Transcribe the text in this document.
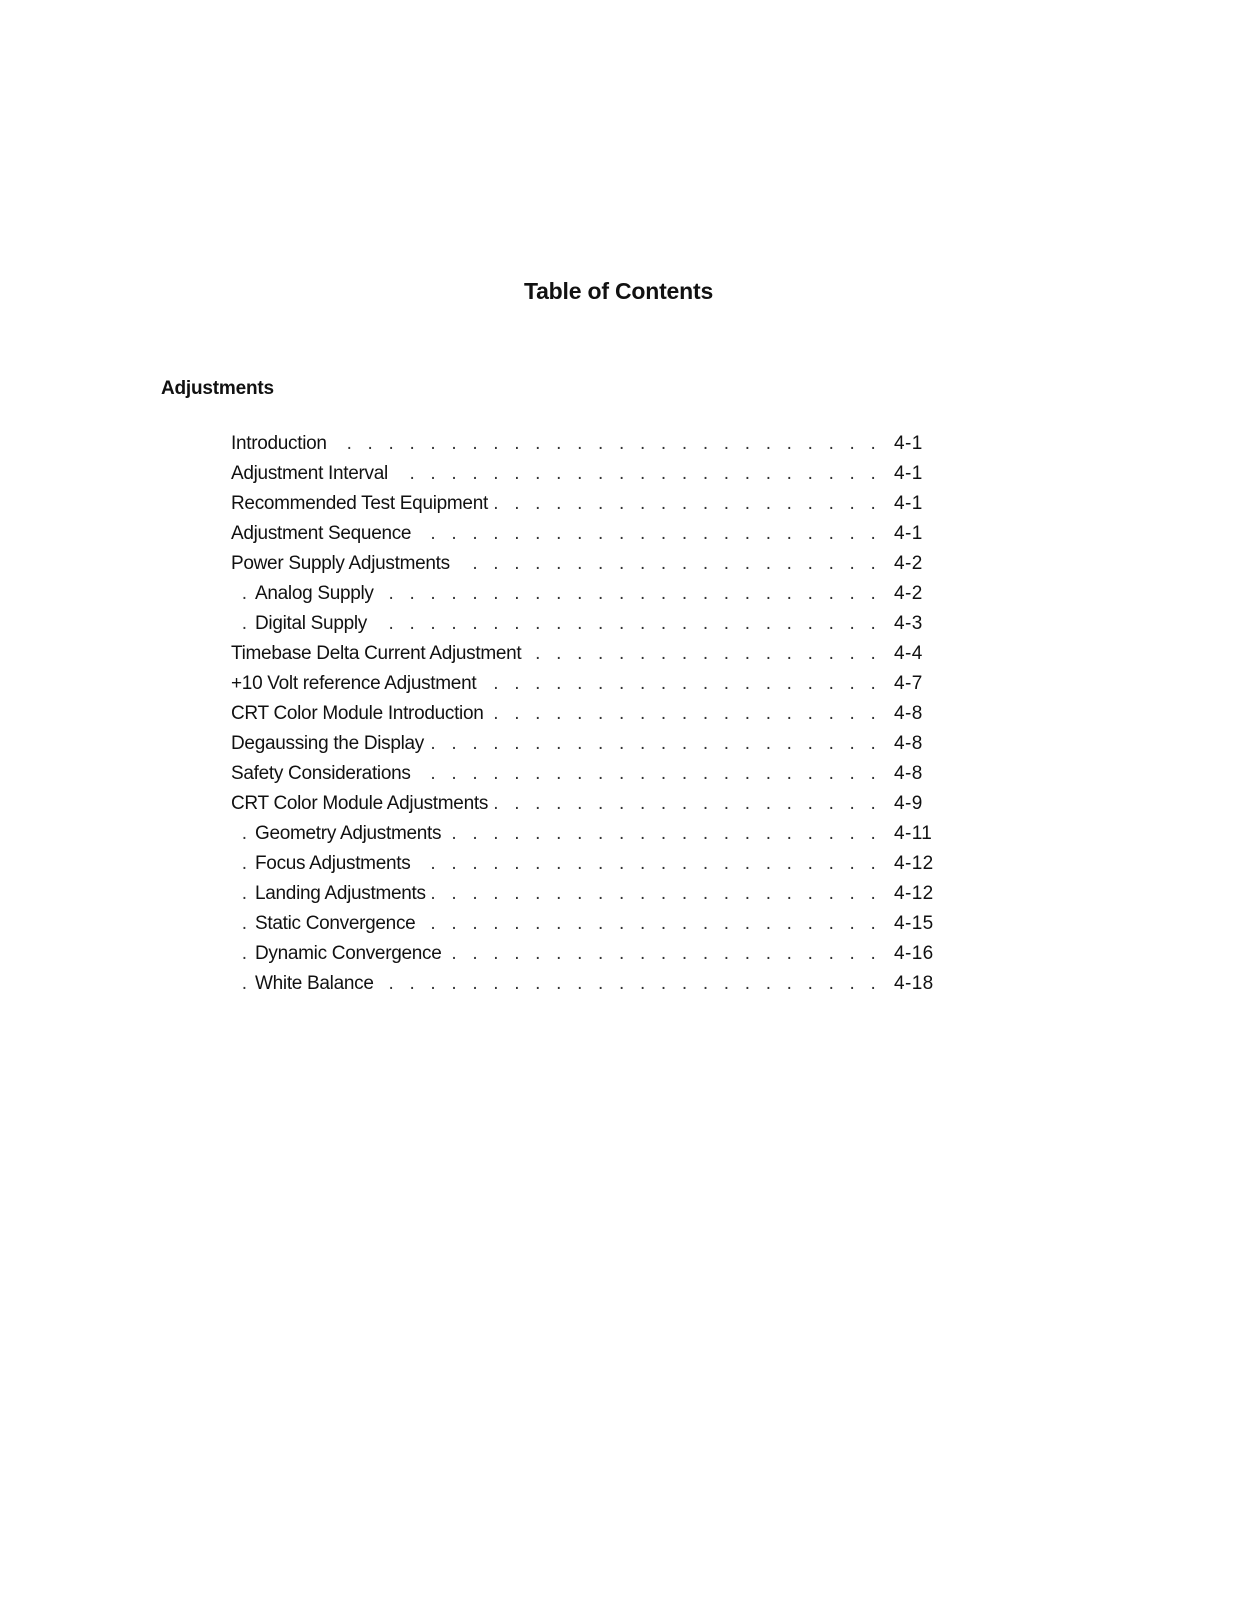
Table of Contents
Adjustments
. . .
Introduction	4-1
. . .
Adjustment Interval	4-1
. . .
Recommended Test Equipment	4-1
. . .
Adjustment Sequence	4-1
. . .
Power Supply Adjustments	4-2
. . .
Analog Supply	4-2
. . .
Digital Supply	4-3
. . .
Timebase Delta Current Adjustment	4-4
. . .
+10 Volt reference Adjustment	4-7
. . .
CRT Color Module Introduction	4-8
. . .
Degaussing the Display	4-8
. . .
Safety Considerations	4-8
. . .
CRT Color Module Adjustments	4-9
. . .
Geometry Adjustments	4-11
. . .
Focus Adjustments	4-12
. . .
Landing Adjustments	4-12
. . .
Static Convergence	4-15
. . .
Dynamic Convergence	4-16
. . .
White Balance	4-18
